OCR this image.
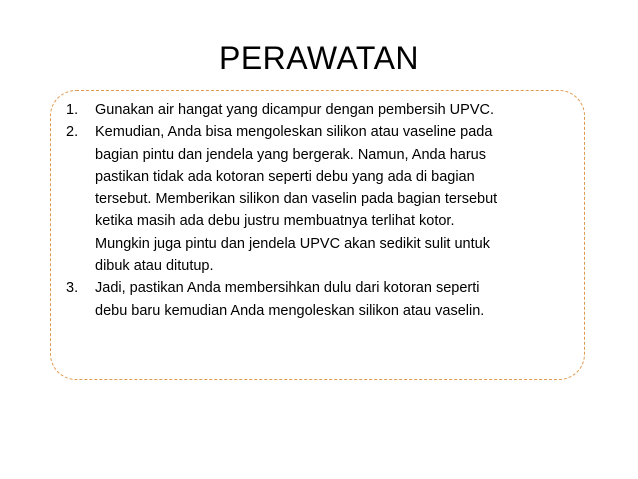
PERAWATAN
1.	Gunakan air hangat yang dicampur dengan pembersih UPVC.
2.	Kemudian, Anda bisa mengoleskan silikon atau vaseline pada
bagian pintu dan jendela yang bergerak. Namun, Anda harus
pastikan tidak ada kotoran seperti debu yang ada di bagian
tersebut. Memberikan silikon dan vaselin pada bagian tersebut
ketika masih ada debu justru membuatnya terlihat kotor.
Mungkin juga pintu dan jendela UPVC akan sedikit sulit untuk
dibuk atau ditutup.
3.	Jadi, pastikan Anda membersihkan dulu dari kotoran seperti
debu baru kemudian Anda mengoleskan silikon atau vaselin.
